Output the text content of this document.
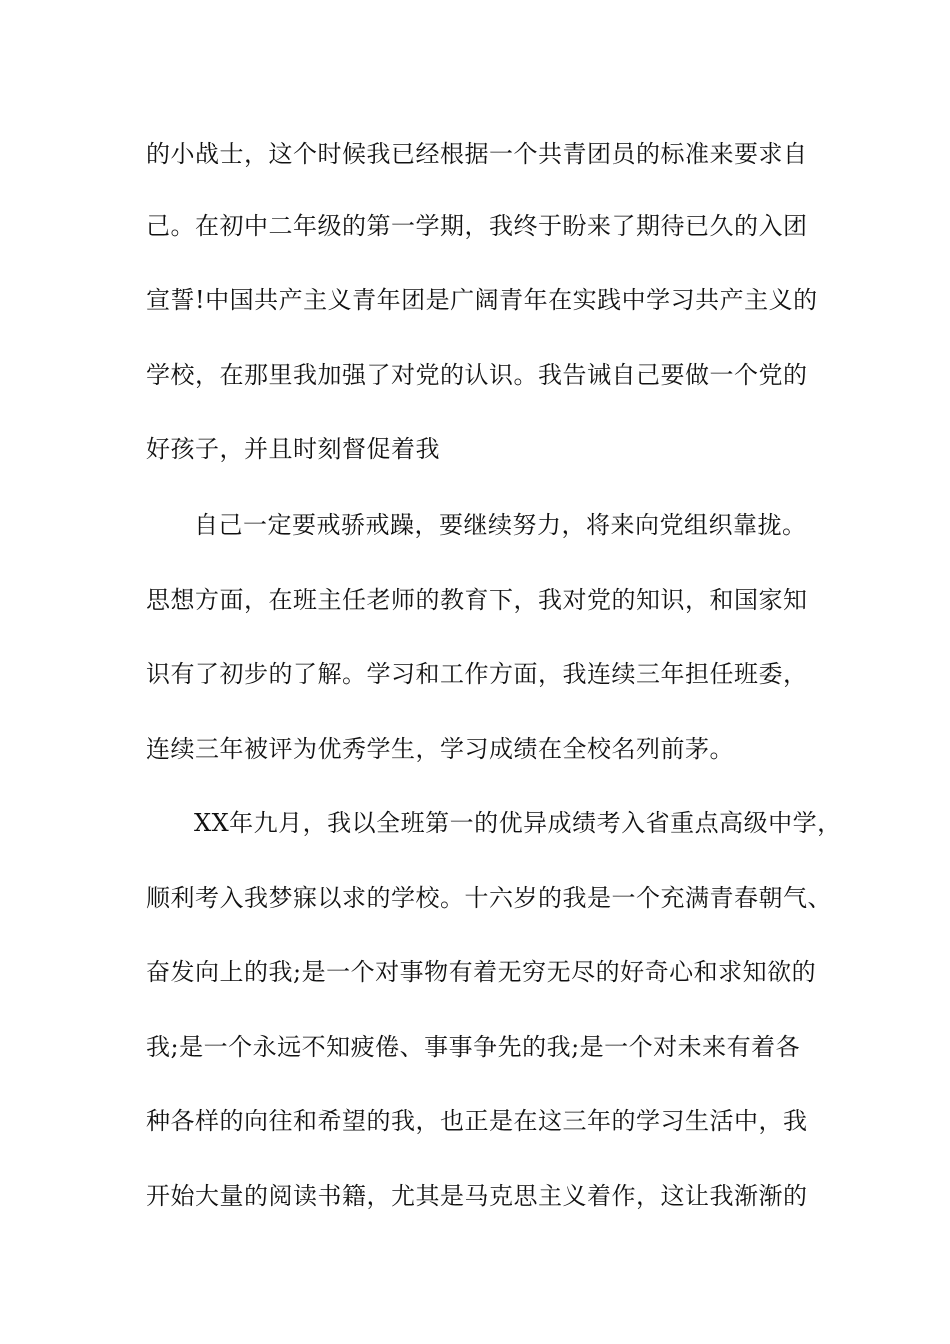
的小战士，这个时候我已经根据一个共青团员的标准来要求自
己。在初中二年级的第一学期，我终于盼来了期待已久的入团
宣誓!中国共产主义青年团是广阔青年在实践中学习共产主义的
学校，在那里我加强了对党的认识。我告诫自己要做一个党的
好孩子，并且时刻督促着我
自己一定要戒骄戒躁，要继续努力，将来向党组织靠拢。
思想方面，在班主任老师的教育下，我对党的知识，和国家知
识有了初步的了解。学习和工作方面，我连续三年担任班委，
连续三年被评为优秀学生，学习成绩在全校名列前茅。
XX年九月，我以全班第一的优异成绩考入省重点高级中学，
顺利考入我梦寐以求的学校。十六岁的我是一个充满青春朝气、
奋发向上的我;是一个对事物有着无穷无尽的好奇心和求知欲的
我;是一个永远不知疲倦、事事争先的我;是一个对未来有着各
种各样的向往和希望的我，也正是在这三年的学习生活中，我
开始大量的阅读书籍，尤其是马克思主义着作，这让我渐渐的
